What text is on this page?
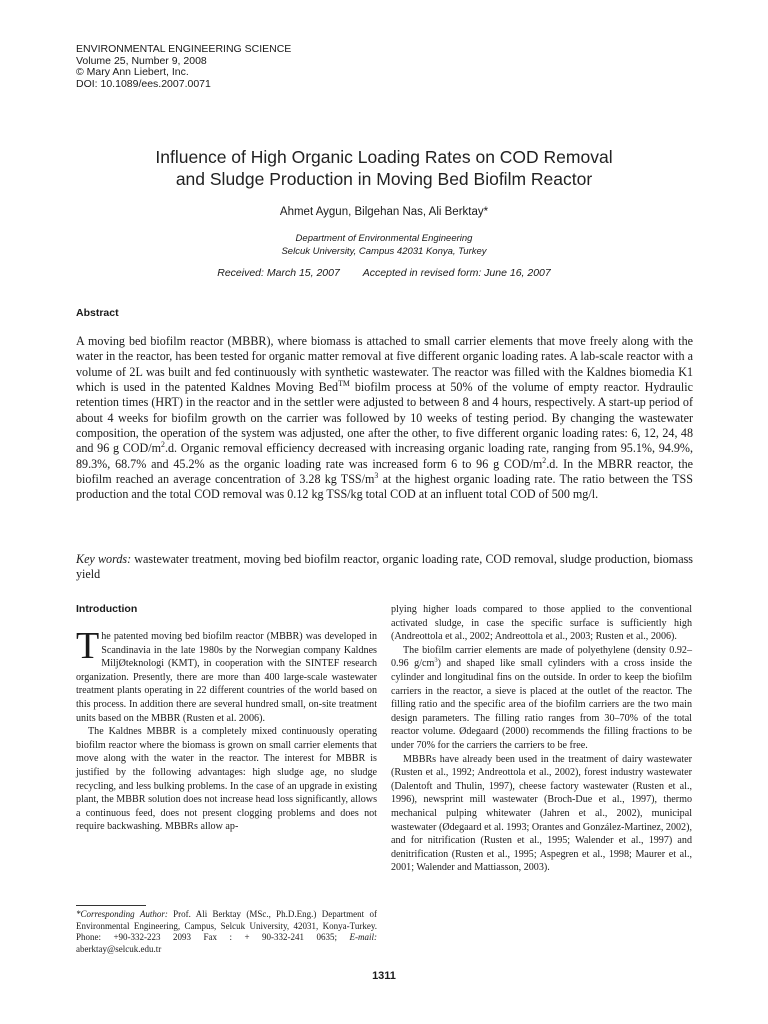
ENVIRONMENTAL ENGINEERING SCIENCE
Volume 25, Number 9, 2008
© Mary Ann Liebert, Inc.
DOI: 10.1089/ees.2007.0071
Influence of High Organic Loading Rates on COD Removal
and Sludge Production in Moving Bed Biofilm Reactor
Ahmet Aygun, Bilgehan Nas, Ali Berktay*
Department of Environmental Engineering
Selcuk University, Campus 42031 Konya, Turkey
Received: March 15, 2007 Accepted in revised form: June 16, 2007
Abstract
A moving bed biofilm reactor (MBBR), where biomass is attached to small carrier elements that move freely along with the water in the reactor, has been tested for organic matter removal at five different organic loading rates. A lab-scale reactor with a volume of 2L was built and fed continuously with synthetic wastewater. The reactor was filled with the Kaldnes biomedia K1 which is used in the patented Kaldnes Moving Bed™ biofilm process at 50% of the volume of empty reactor. Hydraulic retention times (HRT) in the reactor and in the settler were adjusted to between 8 and 4 hours, respectively. A start-up period of about 4 weeks for biofilm growth on the carrier was followed by 10 weeks of testing period. By changing the wastewater composition, the operation of the system was adjusted, one after the other, to five different organic loading rates: 6, 12, 24, 48 and 96 g COD/$m^2.d$. Organic removal efficiency decreased with increasing organic loading rate, ranging from 95.1%, 94.9%, 89.3%, 68.7% and 45.2% as the organic loading rate was increased form 6 to 96 g COD/$m^2.d$. In the MBRR reactor, the biofilm reached an average concentration of 3.28 kg TSS/$m^3$ at the highest organic loading rate. The ratio between the TSS production and the total COD removal was 0.12 kg TSS/kg total COD at an influent total COD of 500 mg/l.
Key words: wastewater treatment, moving bed biofilm reactor, organic loading rate, COD removal, sludge production, biomass yield
Introduction

The patented moving bed biofilm reactor (MBBR) was developed in Scandinavia in the late 1980s by the Norwegian company Kaldnes MiljØteknologi (KMT), in cooperation with the SINTEF research organization. Presently, there are more than 400 large-scale wastewater treatment plants operating in 22 different countries of the world based on this process. In addition there are several hundred small, on-site treatment units based on the MBBR (Rusten et al. 2006).

The Kaldnes MBBR is a completely mixed continuously operating biofilm reactor where the biomass is grown on small carrier elements that move along with the water in the reactor. The interest for MBBR is justified by the following advantages: high sludge age, no sludge recycling, and less bulking problems. In the case of an upgrade in existing plant, the MBBR solution does not increase head loss significantly, allows a continuous feed, does not present clogging problems and does not require backwashing. MBBRs allow ap-

plying higher loads compared to those applied to the conventional activated sludge, in case the specific surface is sufficiently high (Andreottola et al., 2002; Andreottola et al., 2003; Rusten et al., 2006).

The biofilm carrier elements are made of polyethylene (density 0.92–0.96 $g/cm^3$) and shaped like small cylinders with a cross inside the cylinder and longitudinal fins on the outside. In order to keep the biofilm carriers in the reactor, a sieve is placed at the outlet of the reactor. The filling ratio and the specific area of the biofilm carriers are the two main design parameters. The filling ratio ranges from 30–70% of the total reactor volume. Ødegaard (2000) recommends the filling fractions to be under 70% for the carriers the carriers to be free.

MBBRs have already been used in the treatment of dairy wastewater (Rusten et al., 1992; Andreottola et al., 2002), forest industry wastewater (Dalentoft and Thulin, 1997), cheese factory wastewater (Rusten et al., 1996), newsprint mill wastewater (Broch-Due et al., 1997), thermo mechanical pulping whitewater (Jahren et al., 2002), municipal wastewater (Ødegaard et al. 1993; Orantes and González-Martinez, 2002), and for nitrification (Rusten et al., 1995; Walender et al., 1997) and denitrification (Rusten et al., 1995; Aspegren et al., 1998; Maurer et al., 2001; Walender and Mattiasson, 2003).

*Corresponding Author: Prof. Ali Berktay (MSc., Ph.D.Eng.) Department of Environmental Engineering, Campus, Selcuk University, 42031, Konya-Turkey. Phone: +90-332-223 2093 Fax : + 90-332-241 0635; E-mail: aberktay@selcuk.edu.tr
1311
